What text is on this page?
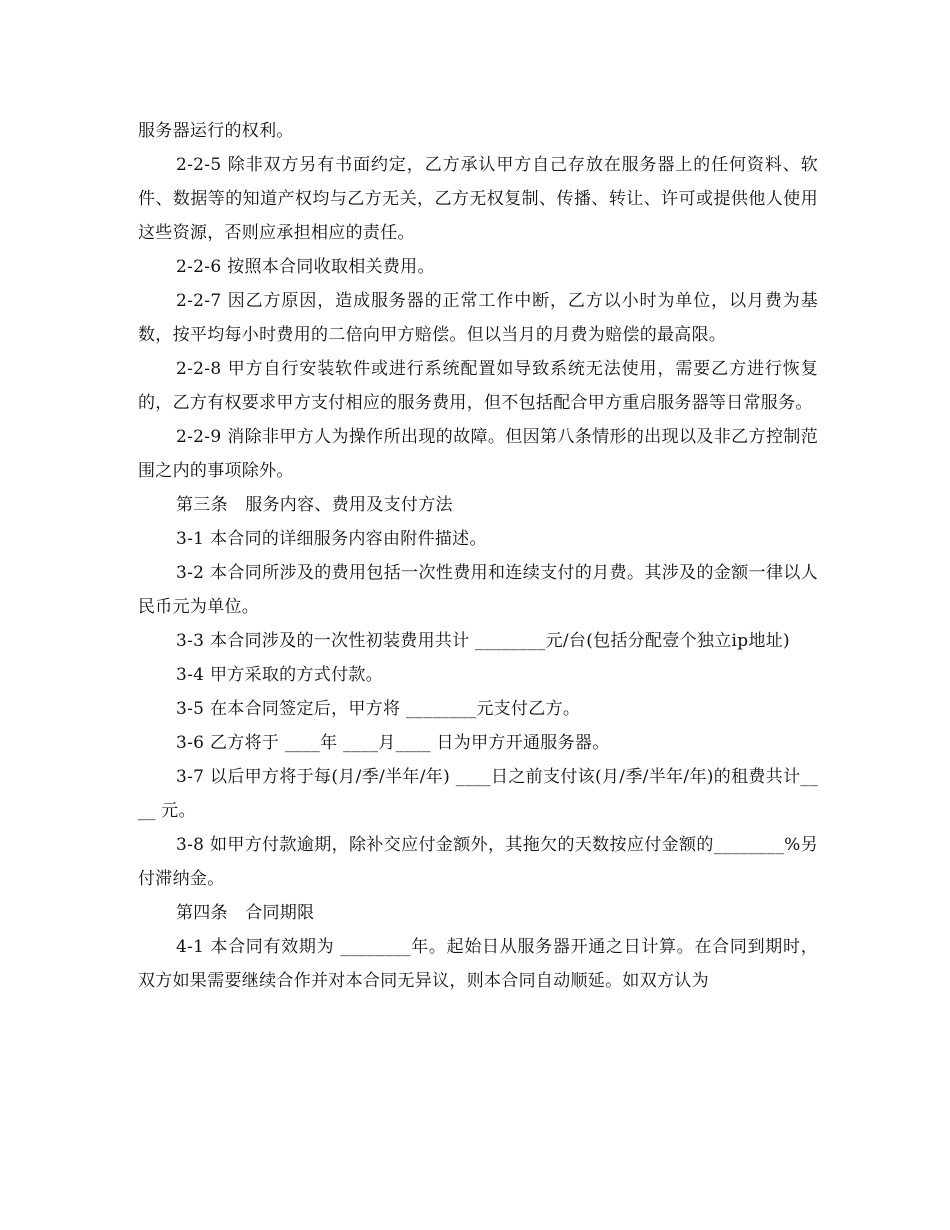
服务器运行的权利。

2-2-5 除非双方另有书面约定，乙方承认甲方自己存放在服务器上的任何资料、软件、数据等的知道产权均与乙方无关，乙方无权复制、传播、转让、许可或提供他人使用这些资源，否则应承担相应的责任。

2-2-6 按照本合同收取相关费用。

2-2-7 因乙方原因，造成服务器的正常工作中断，乙方以小时为单位，以月费为基数，按平均每小时费用的二倍向甲方赔偿。但以当月的月费为赔偿的最高限。

2-2-8 甲方自行安装软件或进行系统配置如导致系统无法使用，需要乙方进行恢复的，乙方有权要求甲方支付相应的服务费用，但不包括配合甲方重启服务器等日常服务。

2-2-9 消除非甲方人为操作所出现的故障。但因第八条情形的出现以及非乙方控制范围之内的事项除外。

第三条　服务内容、费用及支付方法

3-1 本合同的详细服务内容由附件描述。

3-2 本合同所涉及的费用包括一次性费用和连续支付的月费。其涉及的金额一律以人民币元为单位。

3-3 本合同涉及的一次性初装费用共计 ________元/台(包括分配壹个独立ip地址)

3-4 甲方采取的方式付款。

3-5 在本合同签定后，甲方将 ________元支付乙方。

3-6 乙方将于 ____年 ____月____ 日为甲方开通服务器。

3-7 以后甲方将于每(月/季/半年/年) ____日之前支付该(月/季/半年/年)的租费共计____ 元。

3-8 如甲方付款逾期，除补交应付金额外，其拖欠的天数按应付金额的________%另付滞纳金。

第四条　合同期限

4-1 本合同有效期为 ________年。起始日从服务器开通之日计算。在合同到期时，双方如果需要继续合作并对本合同无异议，则本合同自动顺延。如双方认为
